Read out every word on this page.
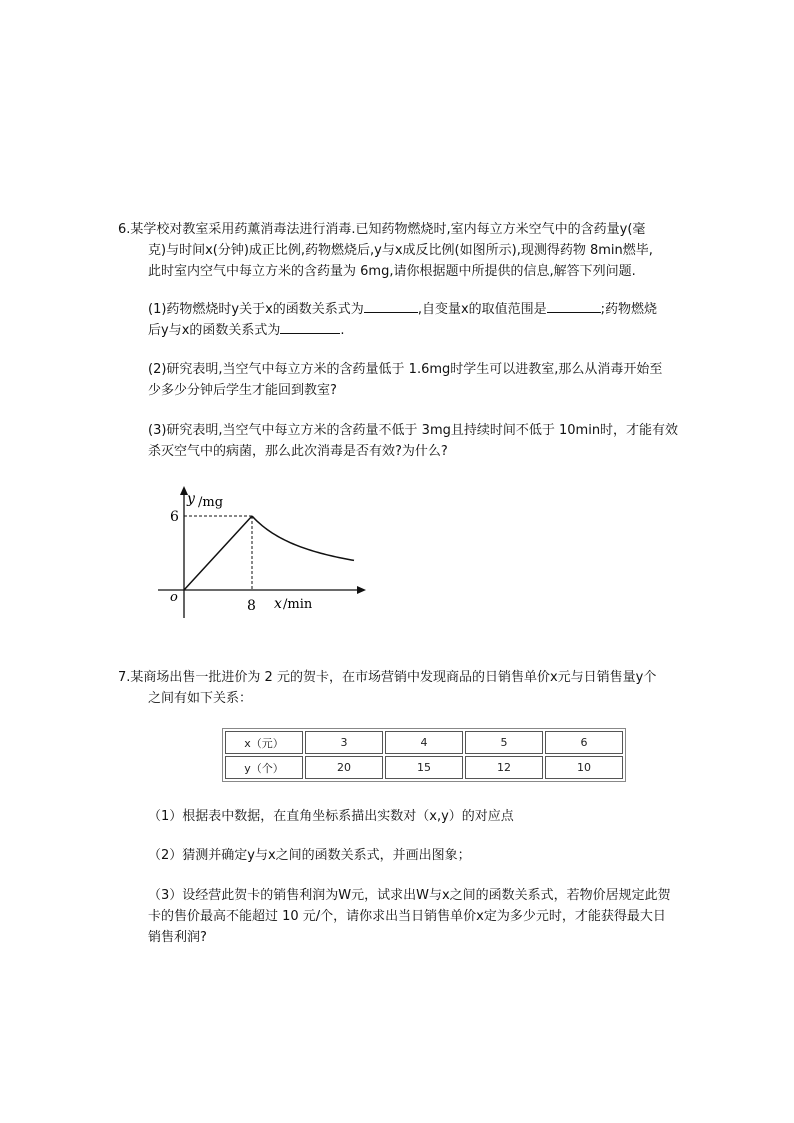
6.某学校对教室采用药薰消毒法进行消毒.已知药物燃烧时,室内每立方米空气中的含药量y(毫
克)与时间x(分钟)成正比例,药物燃烧后,y与x成反比例(如图所示),现测得药物 8min燃毕,
此时室内空气中每立方米的含药量为 6mg,请你根据题中所提供的信息,解答下列问题.
(1)药物燃烧时y关于x的函数关系式为	,自变量x的取值范围是	;药物燃烧
后y与x的函数关系式为	.
(2)研究表明,当空气中每立方米的含药量低于 1.6mg时学生可以进教室,那么从消毒开始至
少多少分钟后学生才能回到教室?
(3)研究表明,当空气中每立方米的含药量不低于 3mg且持续时间不低于 10min时，才能有效
杀灭空气中的病菌，那么此次消毒是否有效?为什么?
y /mg
x /min
o
6
8
7.某商场出售一批进价为 2 元的贺卡，在市场营销中发现商品的日销售单价x元与日销售量y个
之间有如下关系：
x（元）	3	4	5	6
y（个）	20	15	12	10
（1）根据表中数据，在直角坐标系描出实数对（x,y）的对应点
（2）猜测并确定y与x之间的函数关系式，并画出图象；
（3）设经营此贺卡的销售利润为W元，试求出W与x之间的函数关系式，若物价居规定此贺
卡的售价最高不能超过 10 元/个，请你求出当日销售单价x定为多少元时，才能获得最大日
销售利润?
